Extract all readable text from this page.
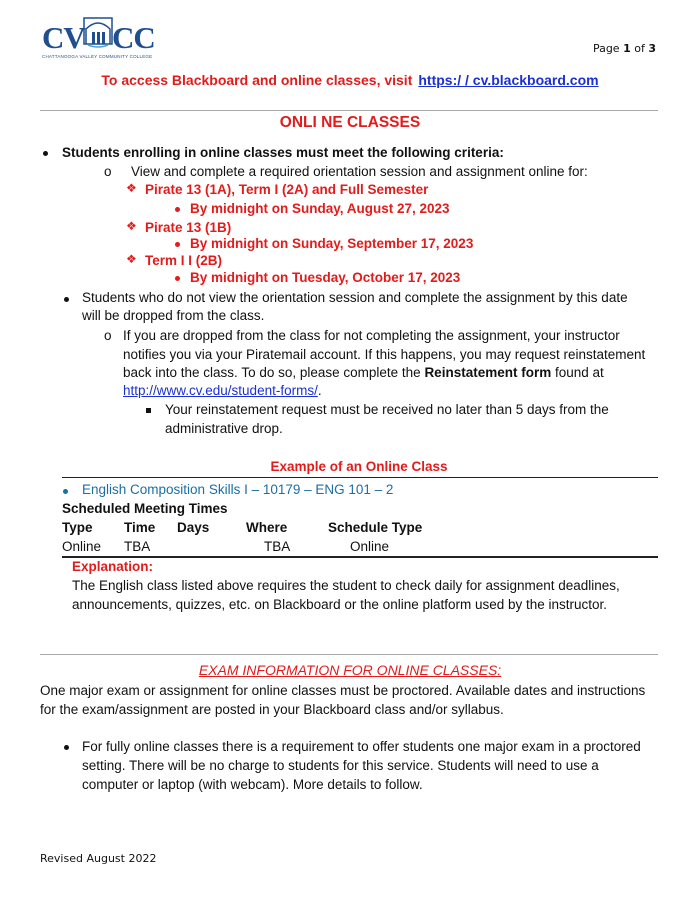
CV CC
CHATTANOOGA VALLEY COMMUNITY COLLEGE
Page 1 of 3
To access Blackboard and online classes, visit https:/ / cv.blackboard.com
ONLI NE CLASSES
Students enrolling in online classes must meet the following criteria:
o View and complete a required orientation session and assignment online for:
❖ Pirate 13 (1A), Term I (2A) and Full Semester
By midnight on Sunday, August 27, 2023
❖ Pirate 13 (1B)
By midnight on Sunday, September 17, 2023
❖ Term I I (2B)
By midnight on Tuesday, October 17, 2023
Students who do not view the orientation session and complete the assignment by this date
will be dropped from the class.
o If you are dropped from the class for not completing the assignment, your instructor
notifies you via your Piratemail account. If this happens, you may request reinstatement
back into the class. To do so, please complete the Reinstatement form found at
http://www.cv.edu/student-forms/.
Your reinstatement request must be received no later than 5 days from the
administrative drop.
Example of an Online Class
English Composition Skills I – 10179 – ENG 101 – 2
Scheduled Meeting Times
Type Time Days	Where	Schedule Type
Online TBA	TBA	Online
Explanation:
The English class listed above requires the student to check daily for assignment deadlines,
announcements, quizzes, etc. on Blackboard or the online platform used by the instructor.
EXAM INFORMATION FOR ONLINE CLASSES:
One major exam or assignment for online classes must be proctored. Available dates and instructions
for the exam/assignment are posted in your Blackboard class and/or syllabus.
For fully online classes there is a requirement to offer students one major exam in a proctored
setting. There will be no charge to students for this service. Students will need to use a
computer or laptop (with webcam). More details to follow.
Revised August 2022
